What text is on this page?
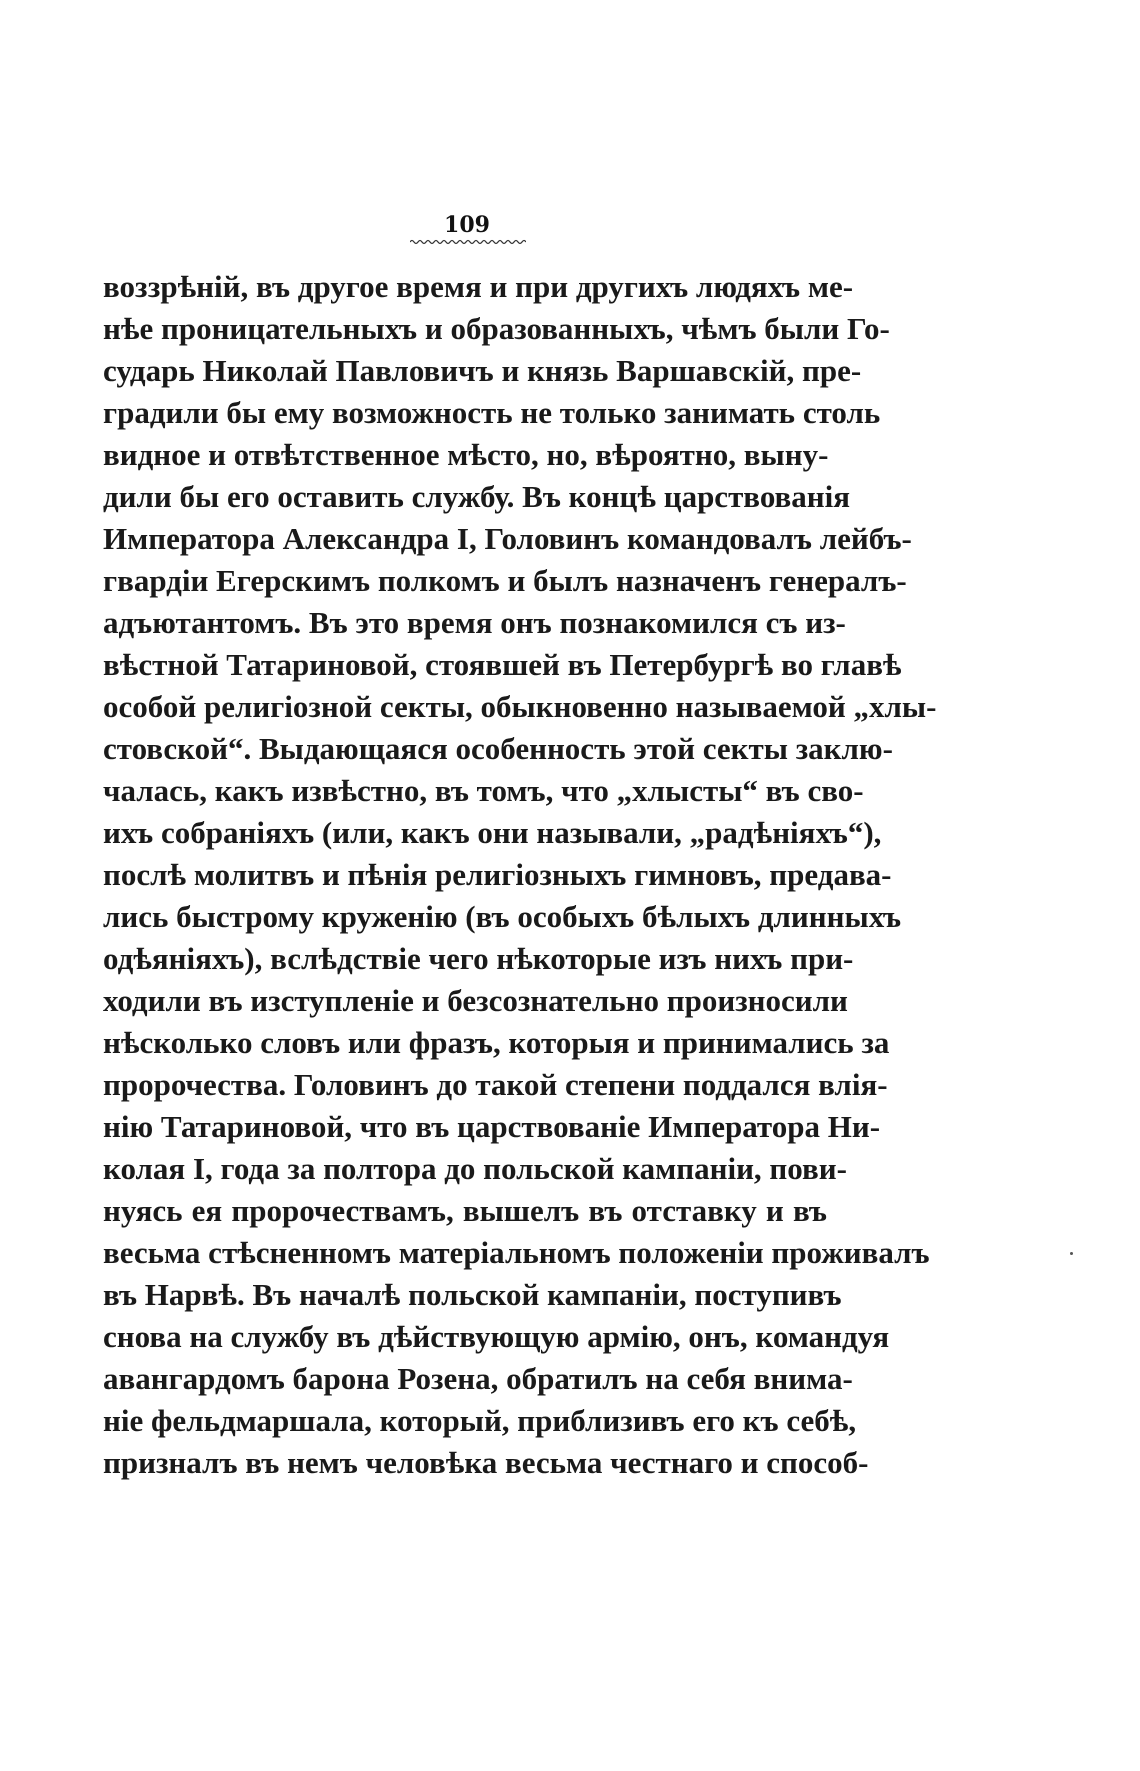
109
воззрѣній, въ другое время и при другихъ людяхъ ме-
нѣе проницательныхъ и образованныхъ, чѣмъ были Го-
сударь Николай Павловичъ и князь Варшавскій, пре-
градили бы ему возможность не только занимать столь
видное и отвѣтственное мѣсто, но, вѣроятно, выну-
дили бы его оставить службу. Въ концѣ царствованія
Императора Александра I, Головинъ командовалъ лейбъ-
гвардіи Егерскимъ полкомъ и былъ назначенъ генералъ-
адъютантомъ. Въ это время онъ познакомился съ из-
вѣстной Татариновой, стоявшей въ Петербургѣ во главѣ
особой религіозной секты, обыкновенно называемой „хлы-
стовской“. Выдающаяся особенность этой секты заклю-
чалась, какъ извѣстно, въ томъ, что „хлысты“ въ сво-
ихъ собраніяхъ (или, какъ они называли, „радѣніяхъ“),
послѣ молитвъ и пѣнія религіозныхъ гимновъ, предава-
лись быстрому круженію (въ особыхъ бѣлыхъ длинныхъ
одѣяніяхъ), вслѣдствіе чего нѣкоторые изъ нихъ при-
ходили въ изступленіе и безсознательно произносили
нѣсколько словъ или фразъ, которыя и принимались за
пророчества. Головинъ до такой степени поддался влія-
нію Татариновой, что въ царствованіе Императора Ни-
колая I, года за полтора до польской кампаніи, пови-
нуясь ея пророчествамъ, вышелъ въ отставку и въ
весьма стѣсненномъ матеріальномъ положеніи проживалъ
въ Нарвѣ. Въ началѣ польской кампаніи, поступивъ
снова на службу въ дѣйствующую армію, онъ, командуя
авангардомъ барона Розена, обратилъ на себя внима-
ніе фельдмаршала, который, приблизивъ его къ себѣ,
призналъ въ немъ человѣка весьма честнаго и способ-
